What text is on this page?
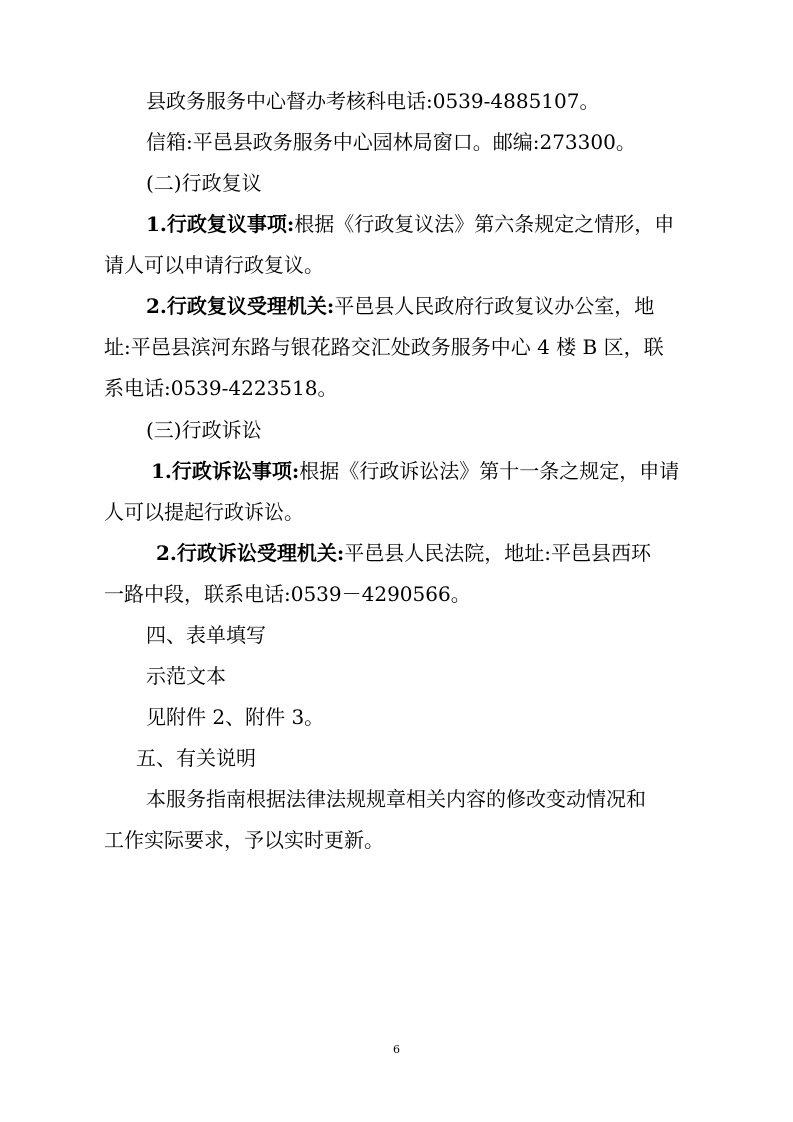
县政务服务中心督办考核科电话:0539-4885107。
信箱:平邑县政务服务中心园林局窗口。邮编:273300。
(二)行政复议
1.行政复议事项:根据《行政复议法》第六条规定之情形，申
请人可以申请行政复议。
2.行政复议受理机关:平邑县人民政府行政复议办公室，地
址:平邑县滨河东路与银花路交汇处政务服务中心 4 楼 B 区，联
系电话:0539-4223518。
(三)行政诉讼
1.行政诉讼事项:根据《行政诉讼法》第十一条之规定，申请
人可以提起行政诉讼。
2.行政诉讼受理机关:平邑县人民法院，地址:平邑县西环
一路中段，联系电话:0539－4290566。
四、表单填写
示范文本
见附件 2、附件 3。
五、有关说明
本服务指南根据法律法规规章相关内容的修改变动情况和
工作实际要求，予以实时更新。
6
